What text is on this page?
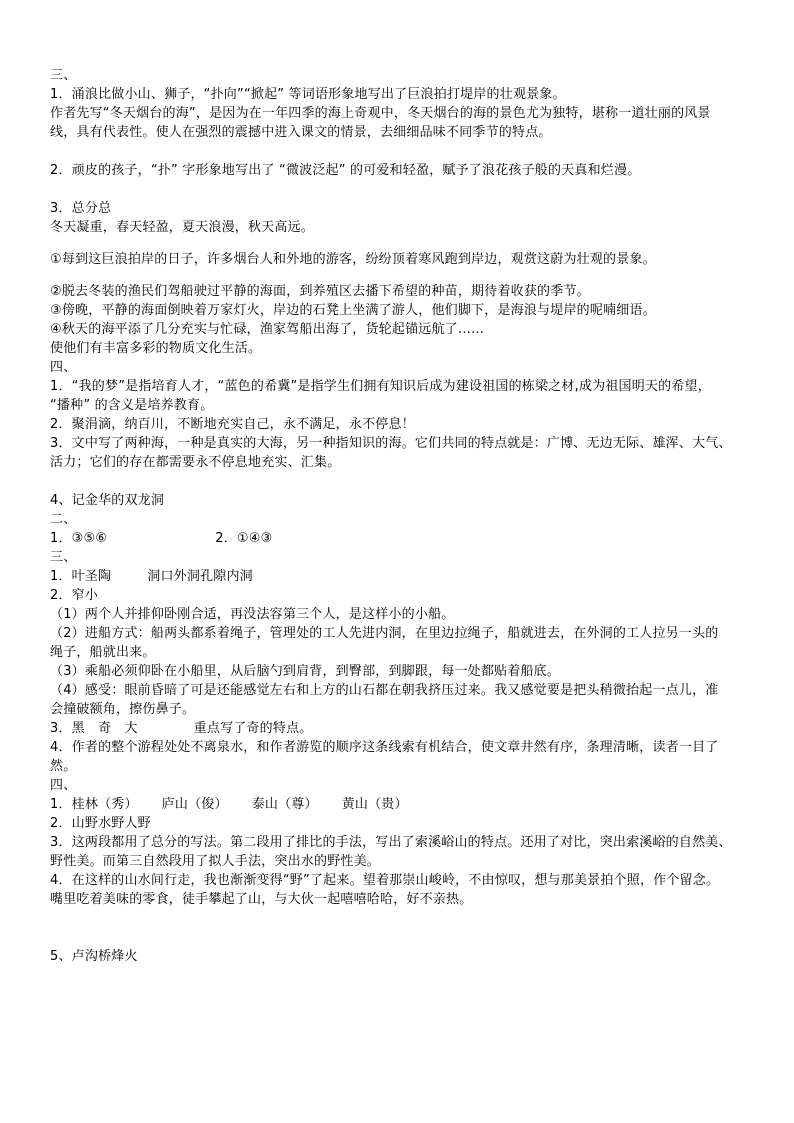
三、
1．涌浪比做小山、狮子，“扑向”“掀起” 等词语形象地写出了巨浪拍打堤岸的壮观景象。
作者先写“冬天烟台的海”，是因为在一年四季的海上奇观中，冬天烟台的海的景色尤为独特，堪称一道壮丽的风景
线，具有代表性。使人在强烈的震撼中进入课文的情景，去细细品味不同季节的特点。
2．顽皮的孩子，“扑” 字形象地写出了 “微波泛起” 的可爱和轻盈，赋予了浪花孩子般的天真和烂漫。
3．总分总
冬天凝重，春天轻盈，夏天浪漫，秋天高远。
①每到这巨浪拍岸的日子，许多烟台人和外地的游客，纷纷顶着寒风跑到岸边，观赏这蔚为壮观的景象。
②脱去冬装的渔民们驾船驶过平静的海面，到养殖区去播下希望的种苗，期待着收获的季节。
③傍晚，平静的海面倒映着万家灯火，岸边的石凳上坐满了游人，他们脚下，是海浪与堤岸的呢喃细语。
④秋天的海平添了几分充实与忙碌，渔家驾船出海了，货轮起锚远航了……
使他们有丰富多彩的物质文化生活。
四、
1．“我的梦”是指培育人才，“蓝色的希冀”是指学生们拥有知识后成为建设祖国的栋梁之材,成为祖国明天的希望，
“播种” 的含义是培养教育。
2．聚涓滴，纳百川，不断地充实自己，永不满足，永不停息！
3．文中写了两种海，一种是真实的大海，另一种指知识的海。它们共同的特点就是：广博、无边无际、雄浑、大气、
活力；它们的存在都需要永不停息地充实、汇集。
4、记金华的双龙洞
二、
1．③⑤⑥	2．①④③
三、
1．叶圣陶	洞口外洞孔隙内洞
2．窄小
（1）两个人并排仰卧刚合适，再没法容第三个人，是这样小的小船。
（2）进船方式：船两头都系着绳子，管理处的工人先进内洞，在里边拉绳子，船就进去，在外洞的工人拉另一头的
绳子，船就出来。
（3）乘船必须仰卧在小船里，从后脑勺到肩背，到臀部，到脚跟，每一处都贴着船底。
（4）感受：眼前昏暗了可是还能感觉左右和上方的山石都在朝我挤压过来。我又感觉要是把头稍微抬起一点儿，准
会撞破额角，擦伤鼻子。
3．黑　奇　大	重点写了奇的特点。
4．作者的整个游程处处不离泉水，和作者游览的顺序这条线索有机结合，使文章井然有序，条理清晰，读者一目了
然。
四、
1．桂林（秀） 庐山（俊） 泰山（尊） 黄山（贵）
2．山野水野人野
3．这两段都用了总分的写法。第二段用了排比的手法，写出了索溪峪山的特点。还用了对比，突出索溪峪的自然美、
野性美。而第三自然段用了拟人手法，突出水的野性美。
4．在这样的山水间行走，我也渐渐变得“野”了起来。望着那崇山峻岭，不由惊叹，想与那美景拍个照，作个留念。
嘴里吃着美味的零食，徒手攀起了山，与大伙一起嘻嘻哈哈，好不亲热。
5、卢沟桥烽火
